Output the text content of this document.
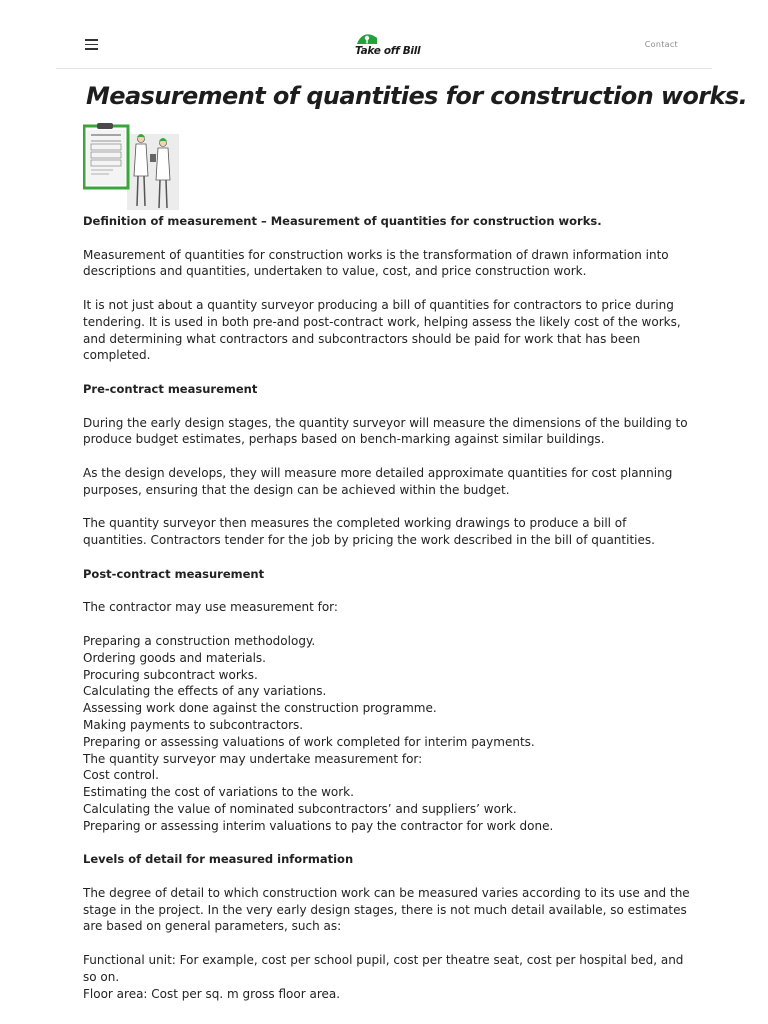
Take off Bill
Contact
Measurement of quantities for construction works.

Definition of measurement – Measurement of quantities for construction works.

Measurement of quantities for construction works is the transformation of drawn information into descriptions and quantities, undertaken to value, cost, and price construction work.

It is not just about a quantity surveyor producing a bill of quantities for contractors to price during tendering. It is used in both pre-and post-contract work, helping assess the likely cost of the works, and determining what contractors and subcontractors should be paid for work that has been completed.

Pre-contract measurement

During the early design stages, the quantity surveyor will measure the dimensions of the building to produce budget estimates, perhaps based on bench-marking against similar buildings.

As the design develops, they will measure more detailed approximate quantities for cost planning purposes, ensuring that the design can be achieved within the budget.

The quantity surveyor then measures the completed working drawings to produce a bill of quantities. Contractors tender for the job by pricing the work described in the bill of quantities.

Post-contract measurement

The contractor may use measurement for:

Preparing a construction methodology.

Ordering goods and materials.

Procuring subcontract works.

Calculating the effects of any variations.

Assessing work done against the construction programme.

Making payments to subcontractors.

Preparing or assessing valuations of work completed for interim payments.

The quantity surveyor may undertake measurement for:

Cost control.

Estimating the cost of variations to the work.

Calculating the value of nominated subcontractors’ and suppliers’ work.

Preparing or assessing interim valuations to pay the contractor for work done.

Levels of detail for measured information

The degree of detail to which construction work can be measured varies according to its use and the stage in the project. In the very early design stages, there is not much detail available, so estimates are based on general parameters, such as:

Functional unit: For example, cost per school pupil, cost per theatre seat, cost per hospital bed, and so on.

Floor area: Cost per sq. m gross floor area.
